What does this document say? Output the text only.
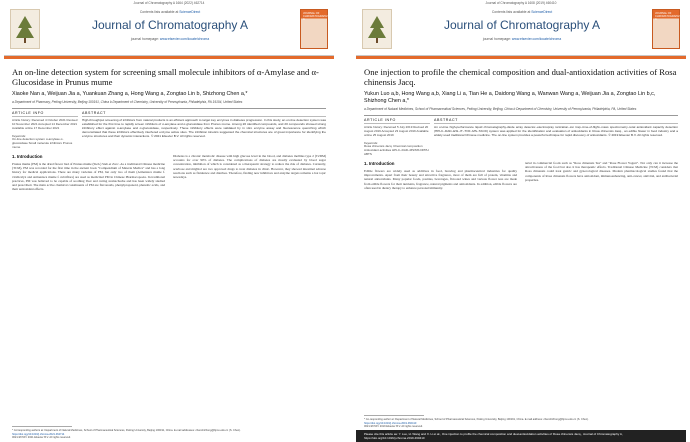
Journal of Chromatography A 1664 (2022) 462714
Contents lists available at ScienceDirect
Journal of Chromatography A
journal homepage: www.elsevier.com/locate/chroma
JOURNAL OF CHROMATOGRAPHY A
An on-line detection system for screening small molecule inhibitors of α-Amylase and α-Glucosidase in Prunus mume
Xiaoke Nan a, Weijuan Jia a, Yuankuan Zhang a, Hong Wang a, Zongtao Lin b, Shizhong Chen a,*
a Department of Pharmacy, Peking University, Beijing 100191, China b Department of Chemistry, University of Pennsylvania, Philadelphia, PA 19104, United States
ARTICLE INFO
Article history: Received 4 October 2021 Revised 10 November 2021 Accepted 14 December 2021 Available online 17 December 2021
Keywords:
On-line detection system α-amylase α-glucosidase Small molecule inhibitors Prunus mume
ABSTRACT
High-throughput screening of inhibitors from natural products is an efficient approach to target key enzymes in diabetes progression. In this study, an on-line detection system was established for the first time to rapidly screen inhibitors of α-amylase and α-glucosidase from Prunus mume. Among 20 identified compounds, and 20 compounds showed strong inhibitory effect against α-amylase and α-glucosidase, respectively. These inhibitory effects were validated by in vitro enzyme assay and fluorescence quenching which demonstrated that these inhibitors effectively interfered enzyme active sites. The inhibition kinetics suggested the chemical structures are of great importance for identifying the enzyme structures and their dynamic interactions. © 2021 Elsevier B.V. All rights reserved.
1. Introduction
Prunus mume (PM) is the dried flower bud of Prunus mume (Sieb.) Sieb.et Zucc. As a traditional Chinese medicine (TCM), PM was recorded for the first time in the ancient book "Compendium of Materia Medica" and has a long history for medical applications. There are many varieties of PM, but only two of them (Armeniaca mume f. viridicalyx and Armeniaca mume f. rubriflora) are used as medicinal PM in Chinese Pharmacopoeia. In traditional practices, PM was believed to be capable of soothing liver and curing stomachache and has been widely studied and prescribed. The main active chemical constituents of PM are flavonoids, phenylpropanoid, phenolic acids, and their antioxidant effects.
Diabetes is a chronic metabolic disease with high glucose level in the blood, and diabetes mellitus type 2 (T2DM) accounts for over 90% of diabetes. The complications of diabetes are mostly evaluated by blood sugar concentration, inhibition of which is considered as a therapeutic strategy to reduce the risk of diabetes. Currently, acarbose and miglitol are two approved drugs to treat diabetes in clinic. However, they showed intestinal adverse reactions such as flatulence and diarrhea. Therefore, finding new inhibitors and enzyme targets remains a hot topic nowadays.
* Corresponding authors at: Department of Natural Medicines, School of Pharmaceutical Sciences, Peking University, Beijing 100191, China. E-mail addresses: chenshizhong@bjmu.edu.cn (S. Chen).
https://doi.org/10.1016/j.chroma.2021.462714
0021-9673/© 2021 Elsevier B.V. All rights reserved.
Journal of Chromatography A 1608 (2019) 460410
Contents lists available at ScienceDirect
Journal of Chromatography A
journal homepage: www.elsevier.com/locate/chroma
JOURNAL OF CHROMATOGRAPHY A
One injection to profile the chemical composition and dual-antioxidation activities of Rosa chinensis Jacq.
Yukun Luo a,b, Hong Wang a,b, Xiang Li a, Tian He a, Daidong Wang a, Wanwan Wang a, Weijuan Jia a, Zongtao Lin b,c, Shizhong Chen a,*
a Department of Natural Medicines, School of Pharmaceutical Sciences, Peking University, Beijing, China b Department of Chemistry, University of Pennsylvania, Philadelphia, PA, United States
ARTICLE INFO
Article history: Received 5 July 2019 Revised 20 August 2019 Accepted 23 August 2019 Available online 25 August 2019
Keywords:
Rosa chinensis Jacq. Chemical composition Antioxidant activities HPLC–DAD–MS/MS DPPH ABTS
ABSTRACT
An on-line high-performance liquid chromatography-diode array detector–electrospray ionization–ion trap–time-of-flight–mass spectrometry–total antioxidant capacity detection (HPLC–DAD–ESI–IT–TOF–MS–TACD) system was applied for the identification and evaluation of antioxidants in Rosa chinensis Jacq., an edible flower in food industry and a widely used traditional Chinese medicine. The on-line system provides a powerful technique for rapid discovery of antioxidants. © 2019 Elsevier B.V. All rights reserved.
1. Introduction
Edible flowers are widely used as additives in food, brewing and pharmaceutical industries for quality improvements. Apart from their beauty and attractive fragrance, most of them are full of protein, vitamins and natural antioxidants. Many popular foods, pastries, beverages, flavored wines and various flower teas are made from edible flowers for their nutrients, fragrance, natural pigments and antioxidants. In addition, edible flowers are often used in dietary therapy to enhance personal immunity.
terial in commercial foods such as "Rosa chinensis Tea" and "Rose Flower Yogurt". Not only can it increase the attractiveness of the food but also it has therapeutic effects. Traditional Chinese Medicine (TCM) considers that Rosa chinensis could treat gastric and gynecological diseases. Modern pharmacological studies found that the components of Rosa chinensis flowers have antioxidant, immunoenhancing, anti-cancer, antiviral, and antibacterial properties.
* Co-responding author at: Department of Natural Medicines, School of Pharmaceutical Sciences, Peking University, Beijing 100191, China. E-mail address: chenshizhong@bjmu.edu.cn (S. Chen).
https://doi.org/10.1016/j.chroma.2019.460410
0021-9673/© 2019 Elsevier B.V. All rights reserved.
Please cite this article as: Y. Luo, H. Wang and X. Li et al., One injection to profile the chemical composition and dual-antioxidation activities of Rosa chinensis Jacq., Journal of Chromatography A, https://doi.org/10.1016/j.chroma.2019.460410
